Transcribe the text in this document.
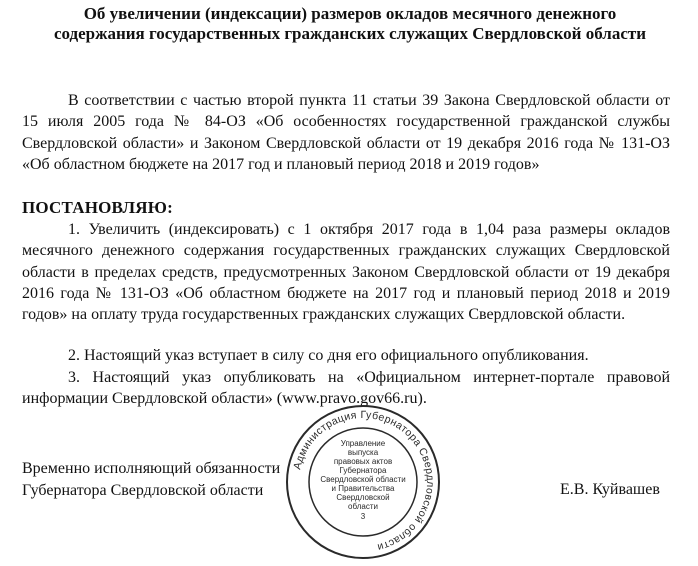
Об увеличении (индексации) размеров окладов месячного денежного
содержания государственных гражданских служащих Свердловской области
В соответствии с частью второй пункта 11 статьи 39 Закона Свердловской области от 15 июля 2005 года № 84-ОЗ «Об особенностях государственной гражданской службы Свердловской области» и Законом Свердловской области от 19 декабря 2016 года № 131-ОЗ «Об областном бюджете на 2017 год и плановый период 2018 и 2019 годов»
ПОСТАНОВЛЯЮ:
1. Увеличить (индексировать) с 1 октября 2017 года в 1,04 раза размеры окладов месячного денежного содержания государственных гражданских служащих Свердловской области в пределах средств, предусмотренных Законом Свердловской области от 19 декабря 2016 года № 131-ОЗ «Об областном бюджете на 2017 год и плановый период 2018 и 2019 годов» на оплату труда государственных гражданских служащих Свердловской области.
2. Настоящий указ вступает в силу со дня его официального опубликования.
3. Настоящий указ опубликовать на «Официальном интернет-портале правовой информации Свердловской области» (www.pravo.gov66.ru).
Временно исполняющий обязанности
Губернатора Свердловской области	Е.В. Куйвашев
Администрация Губернатора Свердловской области
Управление
выпуска
правовых актов
Губернатора
Свердловской области
и Правительства
Свердловской
области
3
